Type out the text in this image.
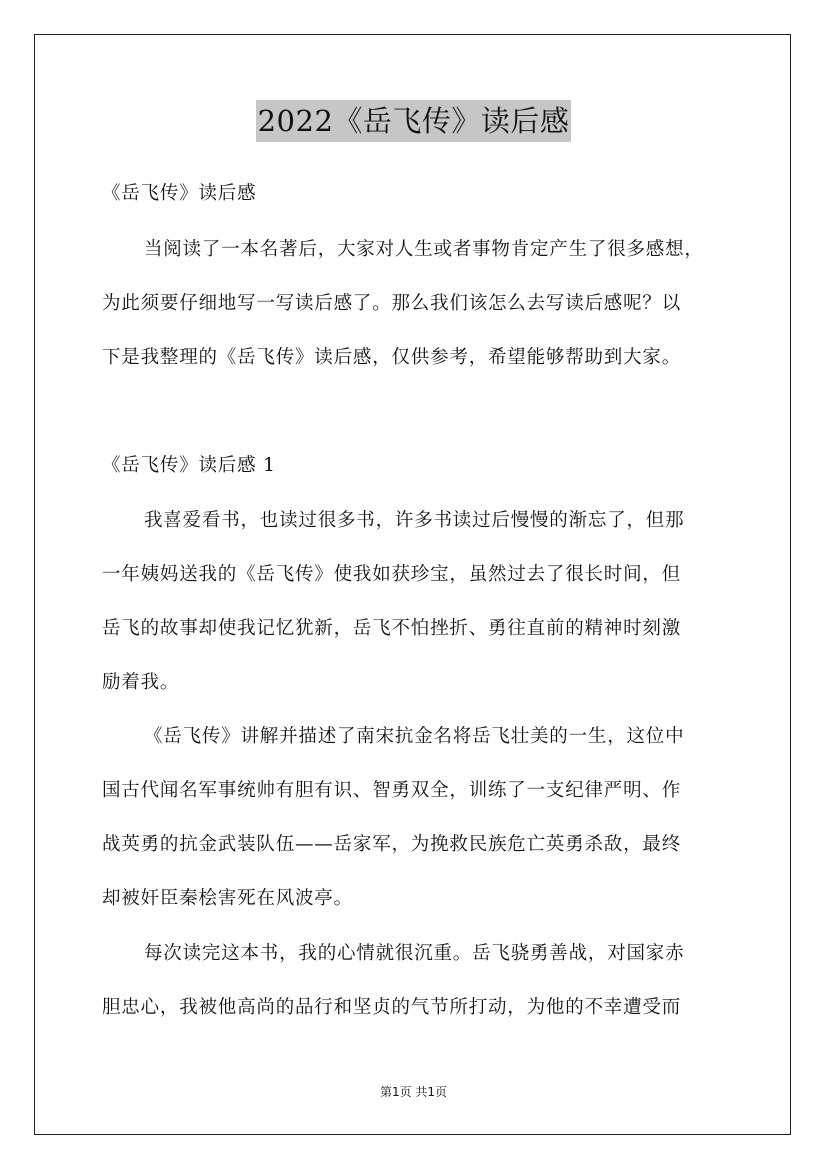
2022《岳飞传》读后感
《岳飞传》读后感
当阅读了一本名著后，大家对人生或者事物肯定产生了很多感想，
为此须要仔细地写一写读后感了。那么我们该怎么去写读后感呢？以
下是我整理的《岳飞传》读后感，仅供参考，希望能够帮助到大家。
《岳飞传》读后感 1
我喜爱看书，也读过很多书，许多书读过后慢慢的渐忘了，但那
一年姨妈送我的《岳飞传》使我如获珍宝，虽然过去了很长时间，但
岳飞的故事却使我记忆犹新，岳飞不怕挫折、勇往直前的精神时刻激
励着我。
《岳飞传》讲解并描述了南宋抗金名将岳飞壮美的一生，这位中
国古代闻名军事统帅有胆有识、智勇双全，训练了一支纪律严明、作
战英勇的抗金武装队伍——岳家军，为挽救民族危亡英勇杀敌，最终
却被奸臣秦桧害死在风波亭。
每次读完这本书，我的心情就很沉重。岳飞骁勇善战，对国家赤
胆忠心，我被他高尚的品行和坚贞的气节所打动，为他的不幸遭受而
第1页 共1页
